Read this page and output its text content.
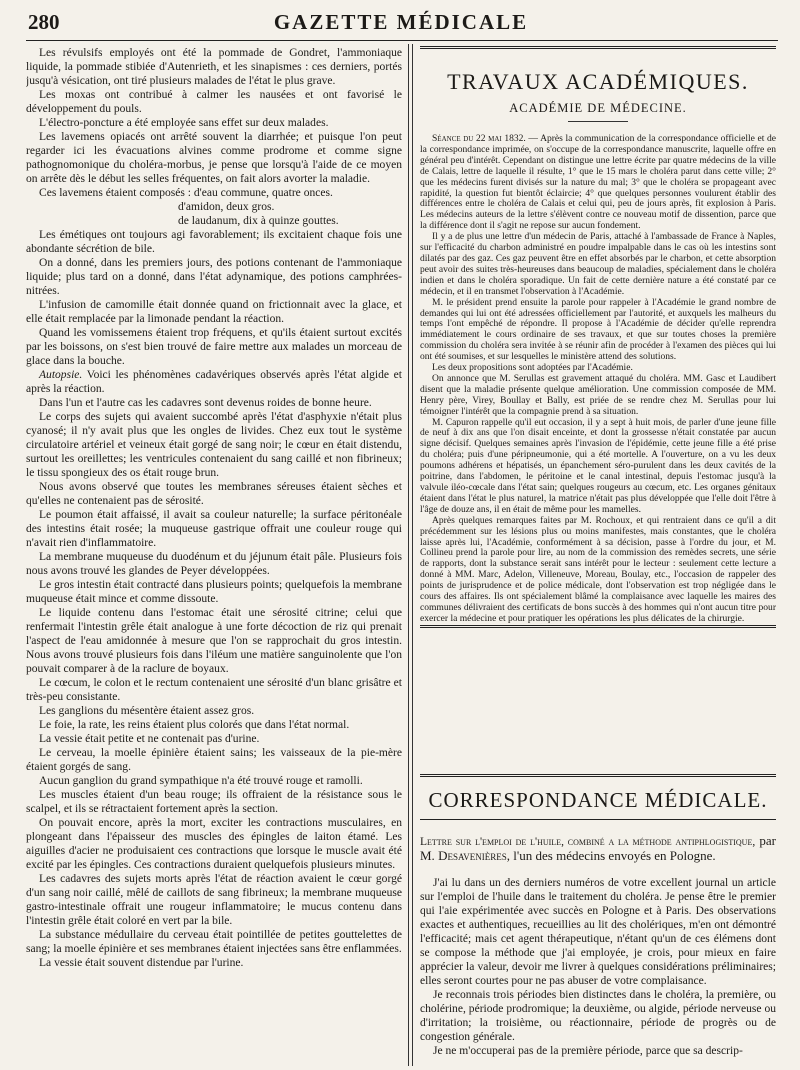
280	GAZETTE MÉDICALE

Les révulsifs employés ont été la pommade de Gondret, l'ammoniaque liquide, la pommade stibiée d'Autenrieth, et les sinapismes : ces derniers, portés jusqu'à vésication, ont tiré plusieurs malades de l'état le plus grave.

Les moxas ont contribué à calmer les nausées et ont favorisé le développement du pouls.

L'électro-poncture a été employée sans effet sur deux malades.

Les lavemens opiacés ont arrêté souvent la diarrhée; et puisque l'on peut regarder ici les évacuations alvines comme prodrome et comme signe pathognomonique du choléra-morbus, je pense que lorsqu'à l'aide de ce moyen on arrête dès le début les selles fréquentes, on fait alors avorter la maladie.

Ces lavemens étaient composés : d'eau commune, quatre onces.
d'amidon, deux gros.
de laudanum, dix à quinze gouttes.

Les émétiques ont toujours agi favorablement; ils excitaient chaque fois une abondante sécrétion de bile.

On a donné, dans les premiers jours, des potions contenant de l'ammoniaque liquide; plus tard on a donné, dans l'état adynamique, des potions camphrées-nitrées.

L'infusion de camomille était donnée quand on frictionnait avec la glace, et elle était remplacée par la limonade pendant la réaction.

Quand les vomissemens étaient trop fréquens, et qu'ils étaient surtout excités par les boissons, on s'est bien trouvé de faire mettre aux malades un morceau de glace dans la bouche.

Autopsie. Voici les phénomènes cadavériques observés après l'état algide et après la réaction.

Dans l'un et l'autre cas les cadavres sont devenus roides de bonne heure.

Le corps des sujets qui avaient succombé après l'état d'asphyxie n'était plus cyanosé; il n'y avait plus que les ongles de livides. Chez eux tout le système circulatoire artériel et veineux était gorgé de sang noir; le cœur en était distendu, surtout les oreillettes; les ventricules contenaient du sang caillé et non fibrineux; le tissu spongieux des os était rouge brun.

Nous avons observé que toutes les membranes séreuses étaient sèches et qu'elles ne contenaient pas de sérosité.

Le poumon était affaissé, il avait sa couleur naturelle; la surface péritonéale des intestins était rosée; la muqueuse gastrique offrait une couleur rouge qui n'avait rien d'inflammatoire.

La membrane muqueuse du duodénum et du jéjunum était pâle. Plusieurs fois nous avons trouvé les glandes de Peyer développées.

Le gros intestin était contracté dans plusieurs points; quelquefois la membrane muqueuse était mince et comme dissoute.

Le liquide contenu dans l'estomac était une sérosité citrine; celui que renfermait l'intestin grêle était analogue à une forte décoction de riz qui prenait l'aspect de l'eau amidonnée à mesure que l'on se rapprochait du gros intestin. Nous avons trouvé plusieurs fois dans l'iléum une matière sanguinolente que l'on pouvait comparer à de la raclure de boyaux.

Le cœcum, le colon et le rectum contenaient une sérosité d'un blanc grisâtre et très-peu consistante.

Les ganglions du mésentère étaient assez gros.

Le foie, la rate, les reins étaient plus colorés que dans l'état normal.

La vessie était petite et ne contenait pas d'urine.

Le cerveau, la moelle épinière étaient sains; les vaisseaux de la pie-mère étaient gorgés de sang.

Aucun ganglion du grand sympathique n'a été trouvé rouge et ramolli.

Les muscles étaient d'un beau rouge; ils offraient de la résistance sous le scalpel, et ils se rétractaient fortement après la section.

On pouvait encore, après la mort, exciter les contractions musculaires, en plongeant dans l'épaisseur des muscles des épingles de laiton étamé. Les aiguilles d'acier ne produisaient ces contractions que lorsque le muscle avait été excité par les épingles. Ces contractions duraient quelquefois plusieurs minutes.

Les cadavres des sujets morts après l'état de réaction avaient le cœur gorgé d'un sang noir caillé, mêlé de caillots de sang fibrineux; la membrane muqueuse gastro-intestinale offrait une rougeur inflammatoire; le mucus contenu dans l'intestin grêle était coloré en vert par la bile.

La substance médullaire du cerveau était pointillée de petites gouttelettes de sang; la moelle épinière et ses membranes étaient injectées sans être enflammées.

La vessie était souvent distendue par l'urine.

TRAVAUX ACADÉMIQUES.
ACADÉMIE DE MÉDECINE.

Séance du 22 mai 1832. — Après la communication de la correspondance officielle et de la correspondance imprimée, on s'occupe de la correspondance manuscrite, laquelle offre en général peu d'intérêt. Cependant on distingue une lettre écrite par quatre médecins de la ville de Calais, lettre de laquelle il résulte, 1° que le 15 mars le choléra parut dans cette ville; 2° que les médecins furent divisés sur la nature du mal; 3° que le choléra se propageant avec rapidité, la question fut bientôt éclaircie; 4° que quelques personnes voulurent établir des différences entre le choléra de Calais et celui qui, peu de jours après, fit explosion à Paris. Les médecins auteurs de la lettre s'élèvent contre ce nouveau motif de dissention, parce que la différence dont il s'agit ne repose sur aucun fondement.

Il y a de plus une lettre d'un médecin de Paris, attaché à l'ambassade de France à Naples, sur l'efficacité du charbon administré en poudre impalpable dans le cas où les intestins sont dilatés par des gaz. Ces gaz peuvent être en effet absorbés par le charbon, et cette absorption peut avoir des suites très-heureuses dans beaucoup de maladies, spécialement dans le choléra indien et dans le choléra sporadique. Un fait de cette dernière nature a été constaté par ce médecin, et il en transmet l'observation à l'Académie.

M. le président prend ensuite la parole pour rappeler à l'Académie le grand nombre de demandes qui lui ont été adressées officiellement par l'autorité, et auxquels les malheurs du temps l'ont empêché de répondre. Il propose à l'Académie de décider qu'elle reprendra immédiatement le cours ordinaire de ses travaux, et que sur toutes choses la première commission du choléra sera invitée à se réunir afin de procéder à l'examen des pièces qui lui ont été soumises, et sur lesquelles le ministère attend des solutions.

Les deux propositions sont adoptées par l'Académie.

On annonce que M. Serullas est gravement attaqué du choléra. MM. Gasc et Laudibert disent que la maladie présente quelque amélioration. Une commission composée de MM. Henry père, Virey, Boullay et Bally, est priée de se rendre chez M. Serullas pour lui témoigner l'intérêt que la compagnie prend à sa situation.

M. Capuron rappelle qu'il eut occasion, il y a sept à huit mois, de parler d'une jeune fille de neuf à dix ans que l'on disait enceinte, et dont la grossesse n'était constatée par aucun signe décisif. Quelques semaines après l'invasion de l'épidémie, cette jeune fille a été prise du choléra; puis d'une péripneumonie, qui a été mortelle. A l'ouverture, on a vu les deux poumons adhérens et hépatisés, un épanchement séro-purulent dans les deux cavités de la poitrine, dans l'abdomen, le péritoine et le canal intestinal, depuis l'estomac jusqu'à la valvule iléo-cœcale dans l'état sain; quelques rougeurs au cœcum, etc. Les organes génitaux étaient dans l'état le plus naturel, la matrice n'était pas plus développée que l'elle doit l'être à l'âge de douze ans, il en était de même pour les mamelles.

Après quelques remarques faites par M. Rochoux, et qui rentraient dans ce qu'il a dit précédemment sur les lésions plus ou moins manifestes, mais constantes, que le choléra laisse après lui, l'Académie, conformément à sa décision, passe à l'ordre du jour, et M. Collineu prend la parole pour lire, au nom de la commission des remèdes secrets, une série de rapports, dont la substance serait sans intérêt pour le lecteur : seulement cette lecture a donné à MM. Marc, Adelon, Villeneuve, Moreau, Boulay, etc., l'occasion de rappeler des points de jurisprudence et de police médicale, dont l'observation est trop négligée dans le cours des affaires. Ils ont spécialement blâmé la complaisance avec laquelle les maires des communes délivraient des certificats de bons succès à des hommes qui n'ont aucun titre pour exercer la médecine et pour pratiquer les opérations les plus délicates de la chirurgie.

CORRESPONDANCE MÉDICALE.
Lettre sur l'emploi de l'huile, combiné a la méthode antiphlogistique, par M. Desavenières, l'un des médecins envoyés en Pologne.

J'ai lu dans un des derniers numéros de votre excellent journal un article sur l'emploi de l'huile dans le traitement du choléra. Je pense être le premier qui l'aie expérimentée avec succès en Pologne et à Paris. Des observations exactes et authentiques, recueillies au lit des cholériques, m'en ont démontré l'efficacité; mais cet agent thérapeutique, n'étant qu'un de ces élémens dont se compose la méthode que j'ai employée, je crois, pour mieux en faire apprécier la valeur, devoir me livrer à quelques considérations préliminaires; elles seront courtes pour ne pas abuser de votre complaisance.

Je reconnais trois périodes bien distinctes dans le choléra, la première, ou cholérine, période prodromique; la deuxième, ou algide, période nerveuse ou d'irritation; la troisième, ou réactionnaire, période de progrès ou de congestion générale.

Je ne m'occuperai pas de la première période, parce que sa descrip-
